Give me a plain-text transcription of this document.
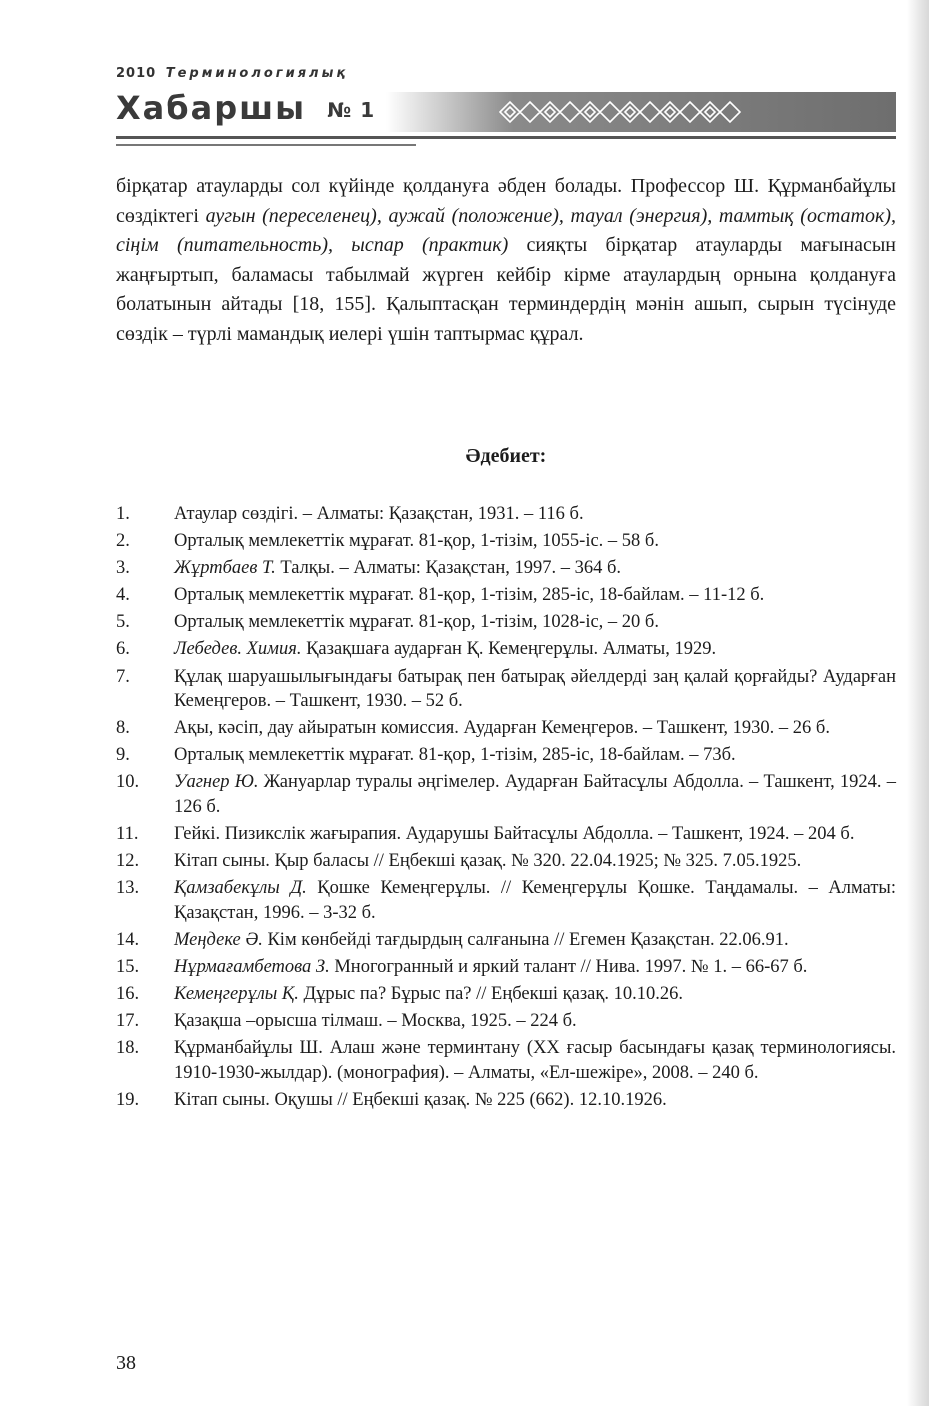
2010 Терминологиялық
Хабаршы № 1

бірқатар атауларды сол күйінде қолдануға әбден болады. Профессор Ш. Құрманбайұлы сөздіктегі аугын (переселенец), аужай (положение), тауал (энергия), тамтық (остаток), сіңім (питательность), ыспар (практик) сияқты бірқатар атауларды мағынасын жаңғыртып, баламасы табылмай жүрген кейбір кірме атаулардың орнына қолдануға болатынын айтады [18, 155]. Қалыптасқан терминдердің мәнін ашып, сырын түсінуде сөздік – түрлі мамандық иелері үшін таптырмас құрал.

Әдебиет:
1. Атаулар сөздігі. – Алматы: Қазақстан, 1931. – 116 б.
2. Орталық мемлекеттік мұрағат. 81-қор, 1-тізім, 1055-іс. – 58 б.
3. Жұртбаев Т. Талқы. – Алматы: Қазақстан, 1997. – 364 б.
4. Орталық мемлекеттік мұрағат. 81-қор, 1-тізім, 285-іс, 18-байлам. – 11-12 б.
5. Орталық мемлекеттік мұрағат. 81-қор, 1-тізім, 1028-іс, – 20 б.
6. Лебедев. Химия. Қазақшаға аударған Қ. Кемеңгерұлы. Алматы, 1929.
7. Құлақ шаруашылығындағы батырақ пен батырақ әйелдерді заң қалай қорғайды? Аударған Кемеңгеров. – Ташкент, 1930. – 52 б.
8. Ақы, кәсіп, дау айыратын комиссия. Аударған Кемеңгеров. – Ташкент, 1930. – 26 б.
9. Орталық мемлекеттік мұрағат. 81-қор, 1-тізім, 285-іс, 18-байлам. – 73б.
10. Уагнер Ю. Жануарлар туралы әңгімелер. Аударған Байтасұлы Абдолла. – Ташкент, 1924. – 126 б.
11. Гейкі. Пизикслік жағырапия. Аударушы Байтасұлы Абдолла. – Ташкент, 1924. – 204 б.
12. Кітап сыны. Қыр баласы // Еңбекші қазақ. № 320. 22.04.1925; № 325. 7.05.1925.
13. Қамзабекұлы Д. Қошке Кемеңгерұлы. // Кемеңгерұлы Қошке. Таңдамалы. – Алматы: Қазақстан, 1996. – 3-32 б.
14. Меңдеке Ә. Кім көнбейді тағдырдың салғанына // Егемен Қазақстан. 22.06.91.
15. Нұрмағамбетова З. Многогранный и яркий талант // Нива. 1997. № 1. – 66-67 б.
16. Кемеңгерұлы Қ. Дұрыс па? Бұрыс па? // Еңбекші қазақ. 10.10.26.
17. Қазақша –орысша тілмаш. – Москва, 1925. – 224 б.
18. Құрманбайұлы Ш. Алаш және терминтану (XX ғасыр басындағы қазақ терминологиясы. 1910-1930-жылдар). (монография). – Алматы, «Ел-шежіре», 2008. – 240 б.
19. Кітап сыны. Оқушы // Еңбекші қазақ. № 225 (662). 12.10.1926.
38
